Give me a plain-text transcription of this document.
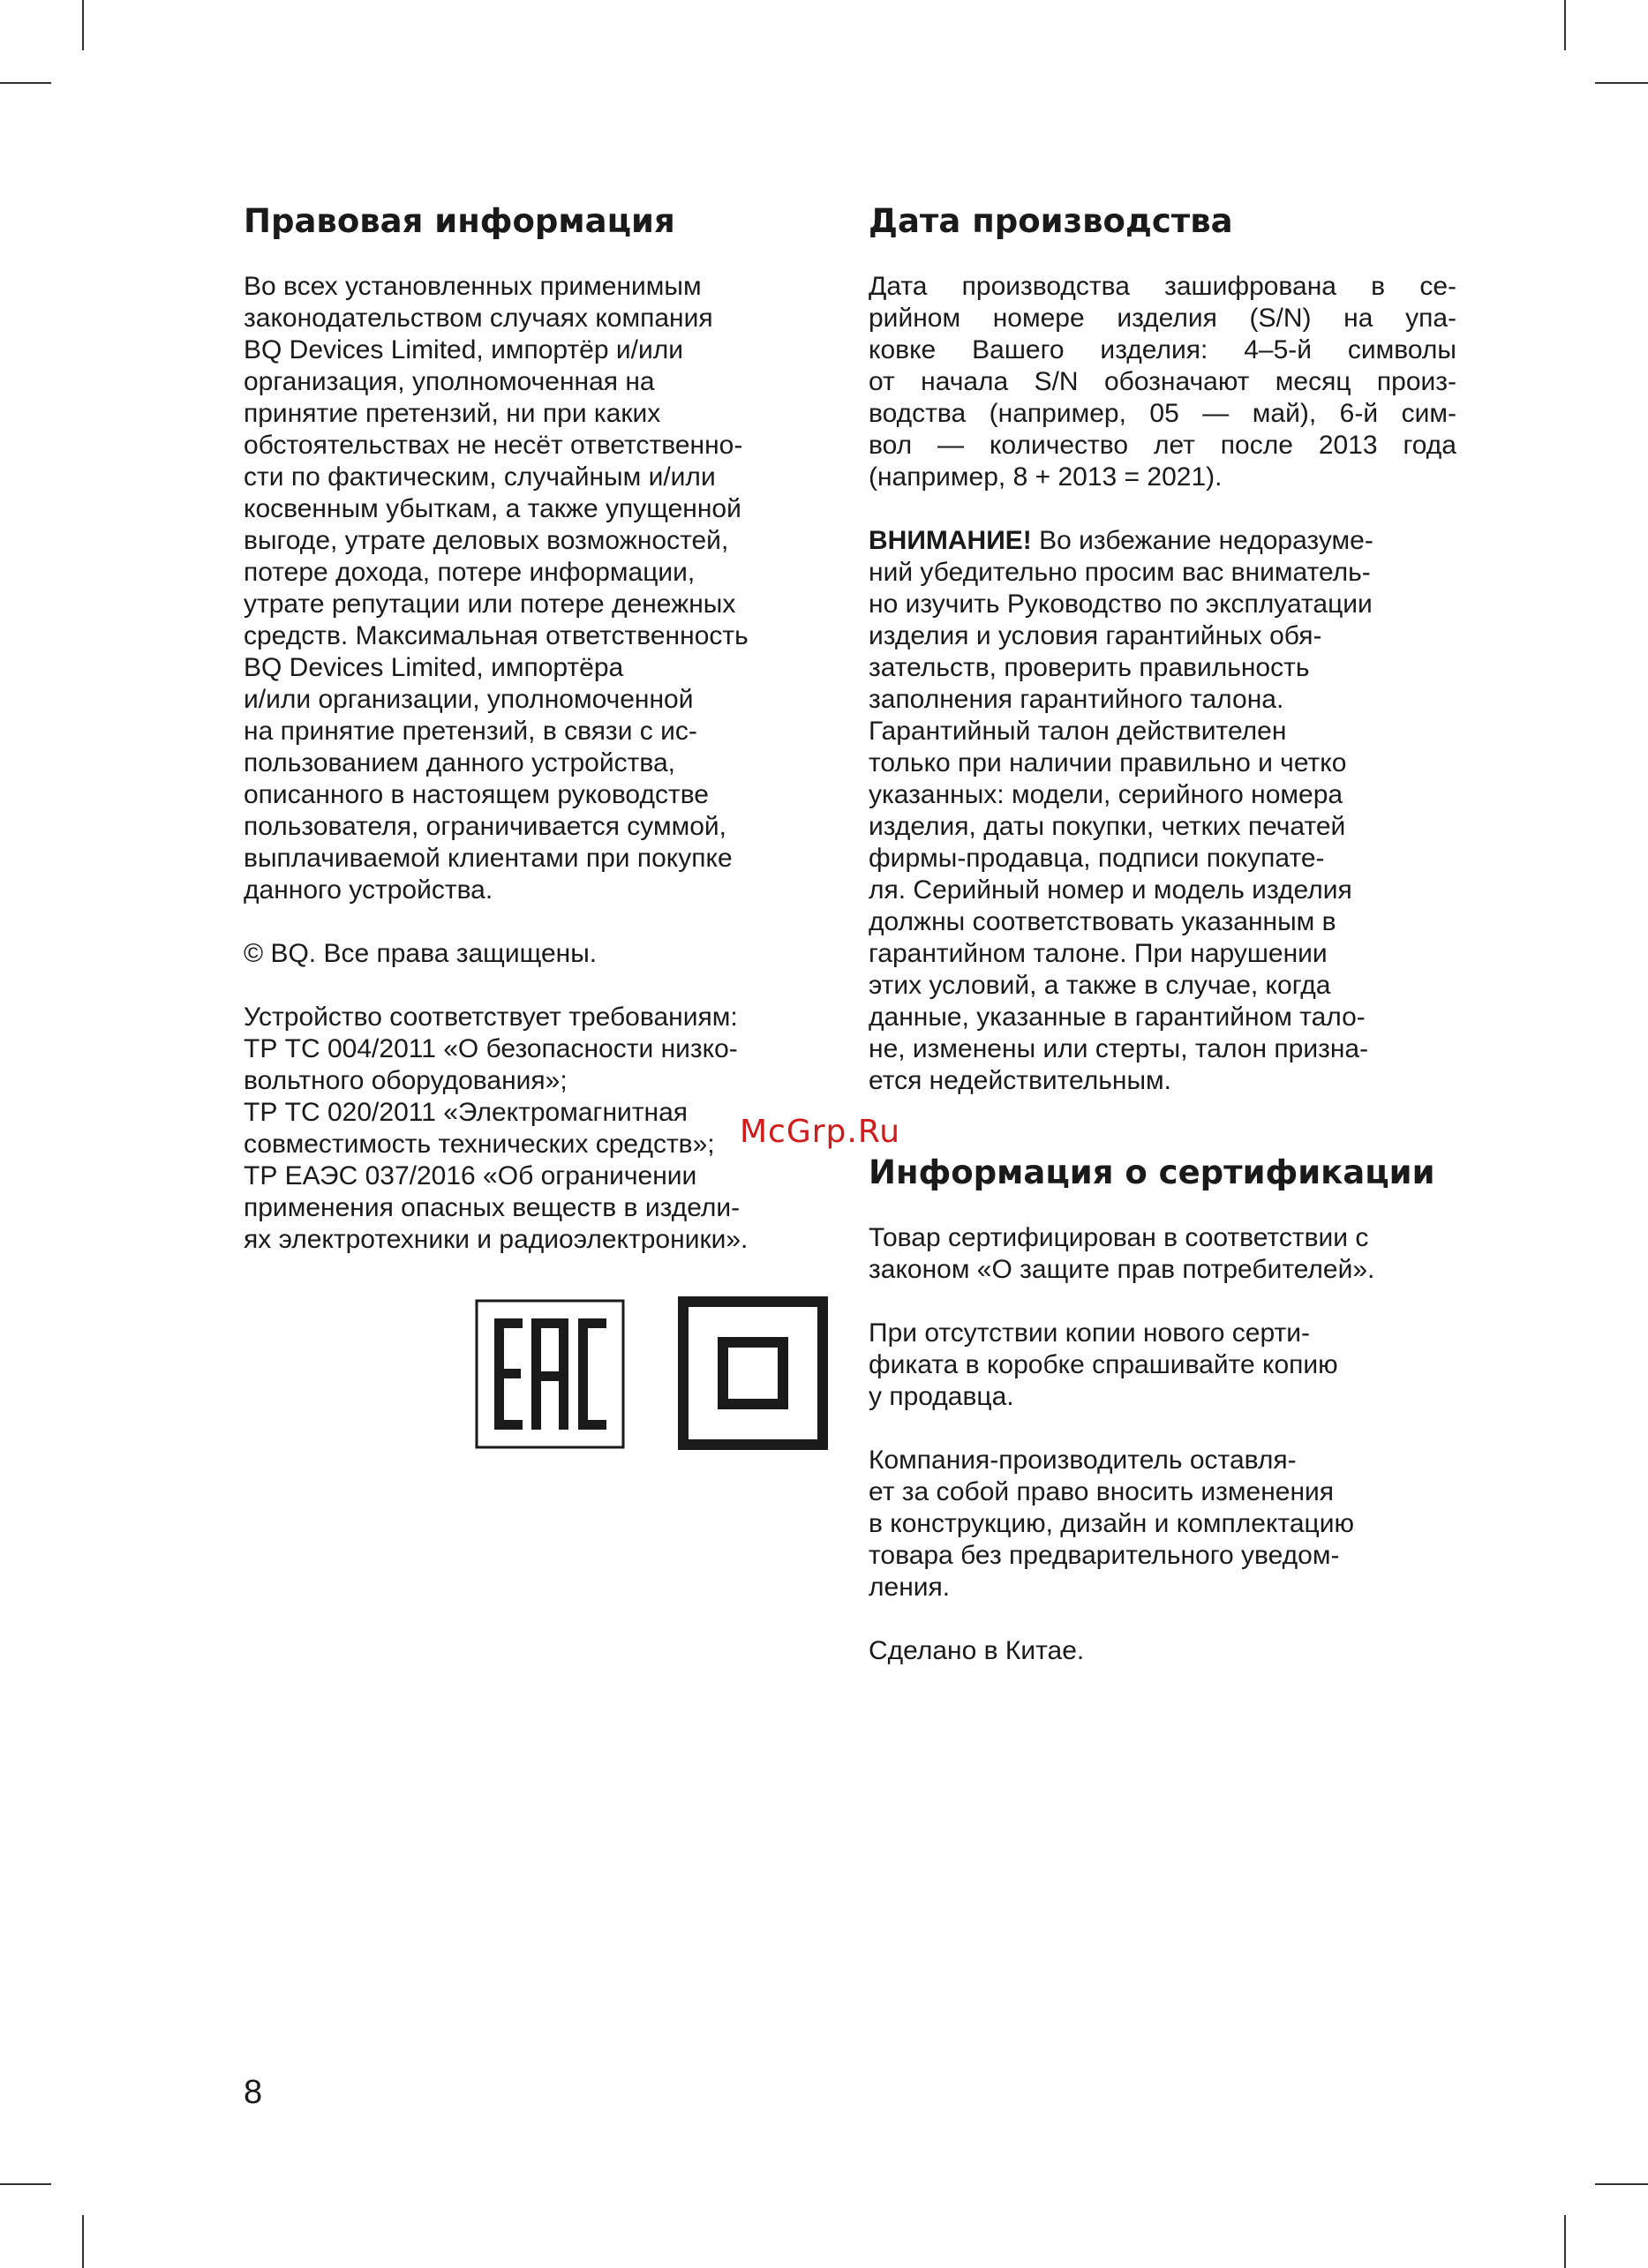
Правовая информация
Во всех установленных применимым
законодательством случаях компания
BQ Devices Limited, импортёр и/или
организация, уполномоченная на
принятие претензий, ни при каких
обстоятельствах не несёт ответственно-
сти по фактическим, случайным и/или
косвенным убыткам, а также упущенной
выгоде, утрате деловых возможностей,
потере дохода, потере информации,
утрате репутации или потере денежных
средств. Максимальная ответственность
BQ Devices Limited, импортёра
и/или организации, уполномоченной
на принятие претензий, в связи с ис-
пользованием данного устройства,
описанного в настоящем руководстве
пользователя, ограничивается суммой,
выплачиваемой клиентами при покупке
данного устройства.
© BQ. Все права защищены.
Устройство соответствует требованиям:
ТР ТС 004/2011 «О безопасности низко-
вольтного оборудования»;
ТР ТС 020/2011 «Электромагнитная
совместимость технических средств»;
ТР ЕАЭС 037/2016 «Об ограничении
применения опасных веществ в издели-
ях электротехники и радиоэлектроники».
Дата производства
Дата производства зашифрована в се-
рийном номере изделия (S/N) на упа-
ковке Вашего изделия: 4–5-й символы
от начала S/N обозначают месяц произ-
водства (например, 05 — май), 6-й сим-
вол — количество лет после 2013 года
(например, 8 + 2013 = 2021).
ВНИМАНИЕ! Во избежание недоразуме-
ний убедительно просим вас вниматель-
но изучить Руководство по эксплуатации
изделия и условия гарантийных обя-
зательств, проверить правильность
заполнения гарантийного талона.
Гарантийный талон действителен
только при наличии правильно и четко
указанных: модели, серийного номера
изделия, даты покупки, четких печатей
фирмы-продавца, подписи покупате-
ля. Серийный номер и модель изделия
должны соответствовать указанным в
гарантийном талоне. При нарушении
этих условий, а также в случае, когда
данные, указанные в гарантийном тало-
не, изменены или стерты, талон призна-
ется недействительным.
Информация о сертификации
Товар сертифицирован в соответствии с
законом «О защите прав потребителей».
При отсутствии копии нового серти-
фиката в коробке спрашивайте копию
у продавца.
Компания-производитель оставля-
ет за собой право вносить изменения
в конструкцию, дизайн и комплектацию
товара без предварительного уведом-
ления.
Сделано в Китае.
McGrp.Ru
8
